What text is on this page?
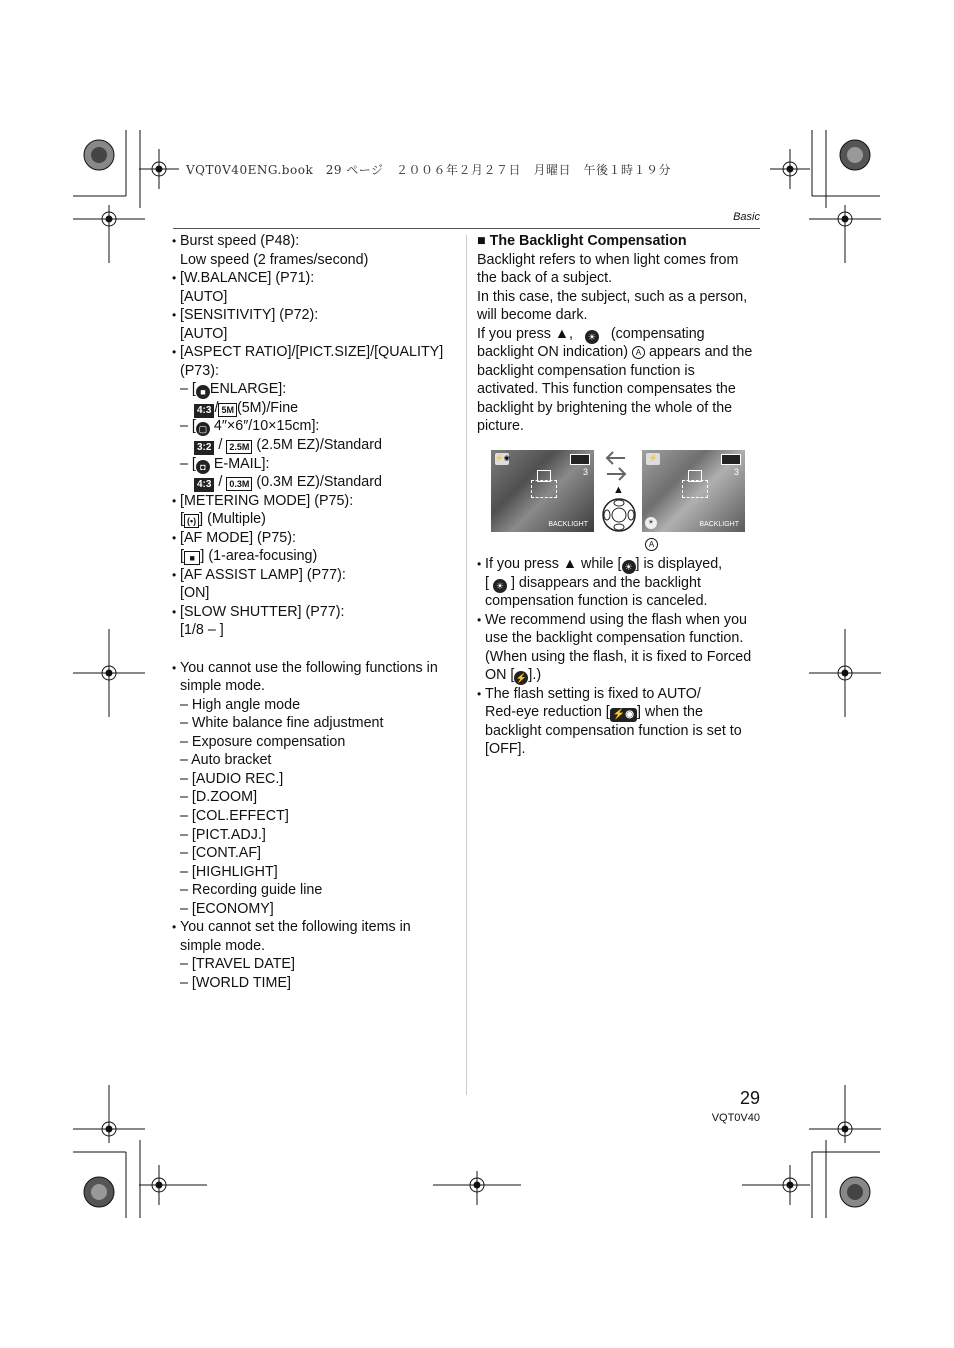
VQT0V40ENG.book　29 ページ　２００６年２月２７日　月曜日　午後１時１９分
Basic
• Burst speed (P48):
Low speed (2 frames/second)
• [W.BALANCE] (P71):
[AUTO]
• [SENSITIVITY] (P72):
[AUTO]
• [ASPECT RATIO]/[PICT.SIZE]/[QUALITY]
(P73):
– [ ■ ENLARGE]:
4:3 / 5M (5M)/Fine
– [ ▢ 4″×6″/10×15cm]:
3:2 / 2.5M (2.5M EZ)/Standard
– [ ◘ E-MAIL]:
4:3 / 0.3M (0.3M EZ)/Standard
• [METERING MODE] (P75):
[ (•) ] (Multiple)
• [AF MODE] (P75):
[ ■ ] (1-area-focusing)
• [AF ASSIST LAMP] (P77):
[ON]
• [SLOW SHUTTER] (P77):
[1/8 – ]
• You cannot use the following functions in
simple mode.
– High angle mode
– White balance fine adjustment
– Exposure compensation
– Auto bracket
– [AUDIO REC.]
– [D.ZOOM]
– [COL.EFFECT]
– [PICT.ADJ.]
– [CONT.AF]
– [HIGHLIGHT]
– Recording guide line
– [ECONOMY]
• You cannot set the following items in
simple mode.
– [TRAVEL DATE]
– [WORLD TIME]
■ The Backlight Compensation
Backlight refers to when light comes from
the back of a subject.
In this case, the subject, such as a person,
will become dark.
If you press ▲, ☀ (compensating
backlight ON indication) A appears and the
backlight compensation function is
activated. This function compensates the
backlight by brightening the whole of the
picture.
⚡◉
3
BACKLIGHT
▲
⚡
3
☀	BACKLIGHT
A
• If you press ▲ while [ ☀ ] is displayed,
[ ☀ ] disappears and the backlight
compensation function is canceled.
• We recommend using the flash when you
use the backlight compensation function.
(When using the flash, it is fixed to Forced
ON [⚡].)
• The flash setting is fixed to AUTO/
Red-eye reduction [ ⚡◉ ] when the
backlight compensation function is set to
[OFF].
29
VQT0V40
